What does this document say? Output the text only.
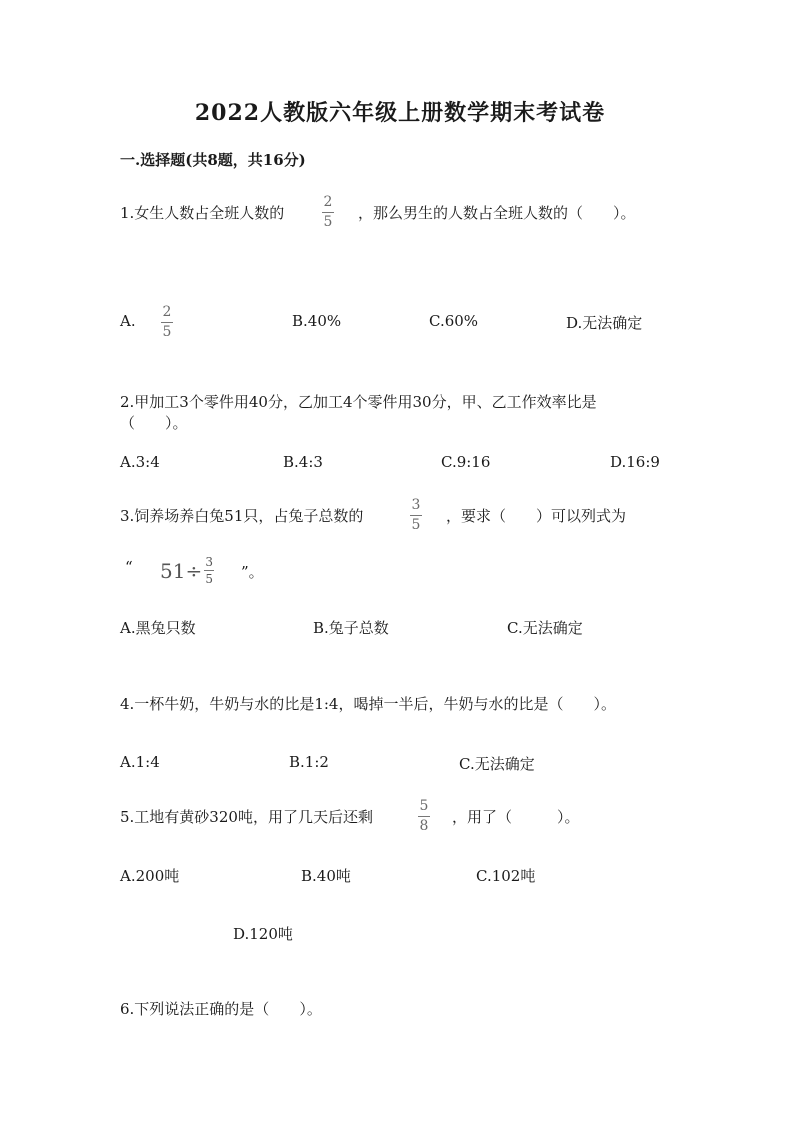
2022人教版六年级上册数学期末考试卷
一.选择题(共8题，共16分)
1.女生人数占全班人数的
2
5 ，那么男生的人数占全班人数的（　　）。
A. 2
5
B.40%	C.60%	D.无法确定
2.甲加工3个零件用40分，乙加工4个零件用30分，甲、乙工作效率比是
（　　）。
A.3:4	B.4:3	C.9:16	D.16:9
3.饲养场养白兔51只，占兔子总数的
3
5 ，要求（　　）可以列式为
“ 51÷ 3
5 ”。
A.黑兔只数	B.兔子总数	C.无法确定
4.一杯牛奶，牛奶与水的比是1:4，喝掉一半后，牛奶与水的比是（　　）。
A.1:4	B.1:2	C.无法确定
5.工地有黄砂320吨，用了几天后还剩
5
8 ，用了（　　　）。
A.200吨	B.40吨	C.102吨
D.120吨
6.下列说法正确的是（　　）。
